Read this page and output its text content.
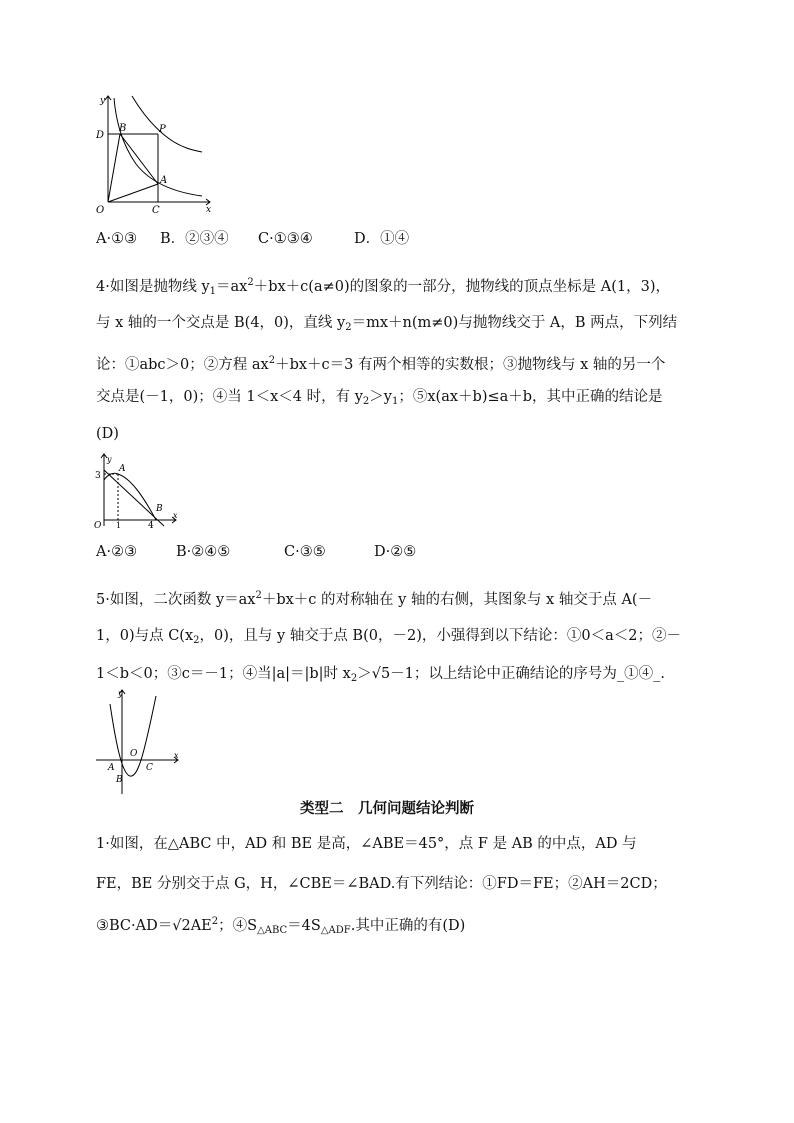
y
x
O
D
B	P
A
C
A·①③ B．②③④ C·①③④	D．①④
4·如图是抛物线 $y_1=ax^2+bx+c(a\ne 0)$的图象的一部分，抛物线的顶点坐标是 A(1，3)，
与 x 轴的一个交点是 B(4，0)，直线 $y_2=mx+n(m\ne 0)$与抛物线交于 A，B 两点，下列结
论：①abc＞0；②方程 $ax^2+bx+c=3$ 有两个相等的实数根；③抛物线与 x 轴的另一个
交点是(－1，0)；④当 1＜x＜4 时，有 $y_2>y_1$；⑤x(ax＋b)≤a＋b，其中正确的结论是
(D)
y
x
O
A
B
3
1	4
A·②③	B·②④⑤	C·③⑤	D·②⑤
5·如图，二次函数 $y=ax^2+bx+c$ 的对称轴在 y 轴的右侧，其图象与 x 轴交于点 A(－
1，0)与点 $C(x_2$，0)，且与 y 轴交于点 B(0，－2)，小强得到以下结论：①0＜a＜2；②－
1＜b＜0；③c＝－1；④当|a|＝|b|时 $x_2>√5-1$；以上结论中正确结论的序号为_①④_.
y
x
O
A
B
C
类型二　几何问题结论判断
1·如图，在△ABC 中，AD 和 BE 是高，∠ABE＝45°，点 F 是 AB 的中点，AD 与
FE，BE 分别交于点 G，H，∠CBE＝∠BAD.有下列结论：①FD＝FE；②AH＝2CD；
$③BC\cdot AD=√2AE^2$；$④S_{\triangle ABC}=4S_{\triangle ADF}$.其中正确的有(D)
